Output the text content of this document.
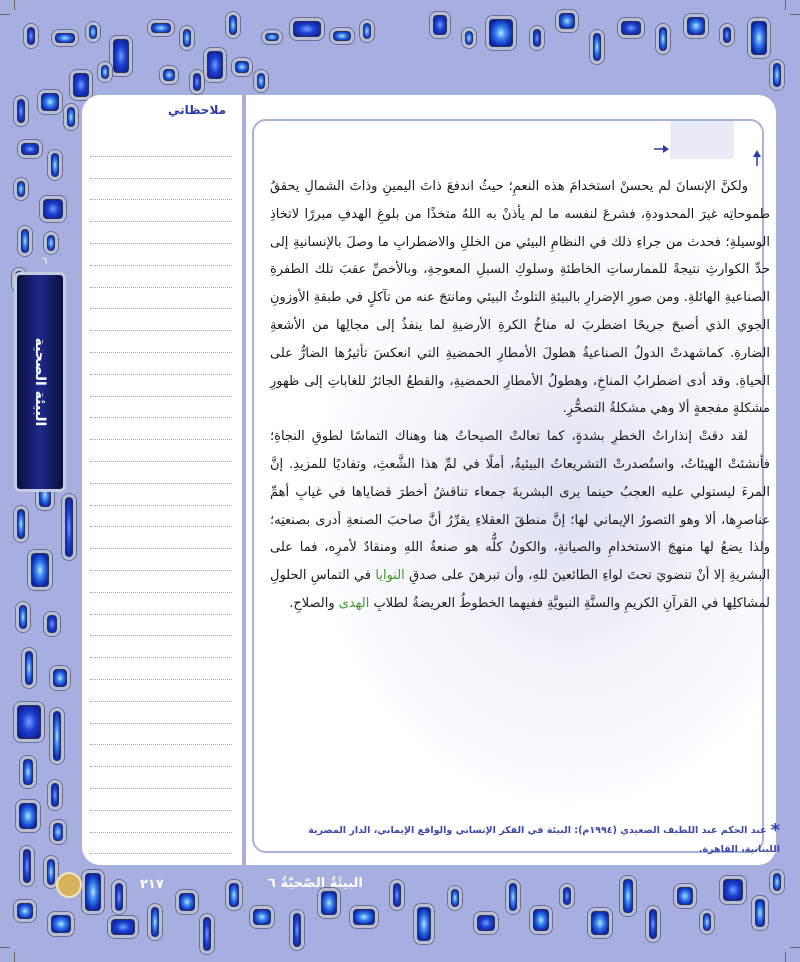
٦
البيئة الصحية
ملاحظاتي

ولكنَّ الإنسانَ لم يحسنْ استخدامَ هذه النعمِ؛ حيثُ اندفعَ ذاتَ اليمينِ وذاتَ الشمالِ يحققُ طموحاتِه غيرَ المحدودةِ، فشرعَ لنفسه ما لم يأذنْ به اللهُ متخذًا من بلوغِ الهدفِ مبررًا لاتخاذِ الوسيلةِ؛ فحدث من جراءِ ذلك في النظامِ البيئي من الخللِ والاضطرابِ ما وصلَ بالإنسانيةِ إلى حدِّ الكوارثِ نتيجةً للممارساتِ الخاطئةِ وسلوكِ السبلِ المعوجةِ، وبالأخصِّ عقبَ تلك الطفرةِ الصناعيةِ الهائلةِ. ومن صورِ الإضرارِ بالبيئةِ التلوثُ البيئي ومانتجَ عنه من تآكلٍ في طبقةِ الأوزونِ الجوي الذي أصبحَ جريحًا اضطربَ له مناخُ الكرةِ الأرضيةِ لما ينفذُ إلى مجالِها من الأشعةِ الضارةِ. كماشهدتْ الدولُ الصناعيةُ هطولَ الأمطارِ الحمضيةِ التي انعكسَ تأثيرُها الضارُّ على الحياةِ. وقد أدى اضطرابُ المناخِ، وهطولُ الأمطارِ الحمضيةِ، والقطعُ الجائرُ للغاباتِ إلى ظهورِ مشكلةٍ مفجعةٍ ألا وهي مشكلةُ التصحُّرِ.

لقد دقتْ إنذاراتُ الخطرِ بشدةٍ، كما تعالتْ الصيحاتُ هنا وهناك التماسًا لطوقِ النجاةِ؛ فأنشئتْ الهيئاتُ، واستُصدرتْ التشريعاتُ البيئيةُ، أملًا في لمِّ هذا الشَّعثِ، وتفاديًا للمزيدِ. إنَّ المرءَ ليستولي عليه العجبُ حينما يرى البشريةَ جمعاء تناقشُ أخطرَ قضاياها في غيابِ أهمِّ عناصرِها، ألا وهو التصورُ الإيماني لها؛ إنَّ منطقَ العقلاءِ يقرِّرُ أنَّ صاحبَ الصنعةِ أدرى بصنعتِه؛ ولذا يضعُ لها منهجَ الاستخدامِ والصيانةِ، والكونُ كلُّه هو صنعةُ اللهِ ومنقادٌ لأمرِه، فما على البشريةِ إلا أنْ تنضويَ تحتَ لواءِ الطائعينَ للهِ، وأن تبرهنَ على صدقِ النوايا في التماسِ الحلولِ لمشاكلِها في القرآنِ الكريمِ والسنَّةِ النبويَّةِ ففيهما الخطوطُ العريضةُ لطلابِ الهدى والصلاحِ.

*عبد الحكم عبد اللطيف الصعيدي (١٩٩٤م): البيئة في الفكر الإنساني والواقع الإيماني، الدار المصرية اللبنانية، القاهرة.
٢١٧	البيئَةُ الصّحيّةُ ٦
